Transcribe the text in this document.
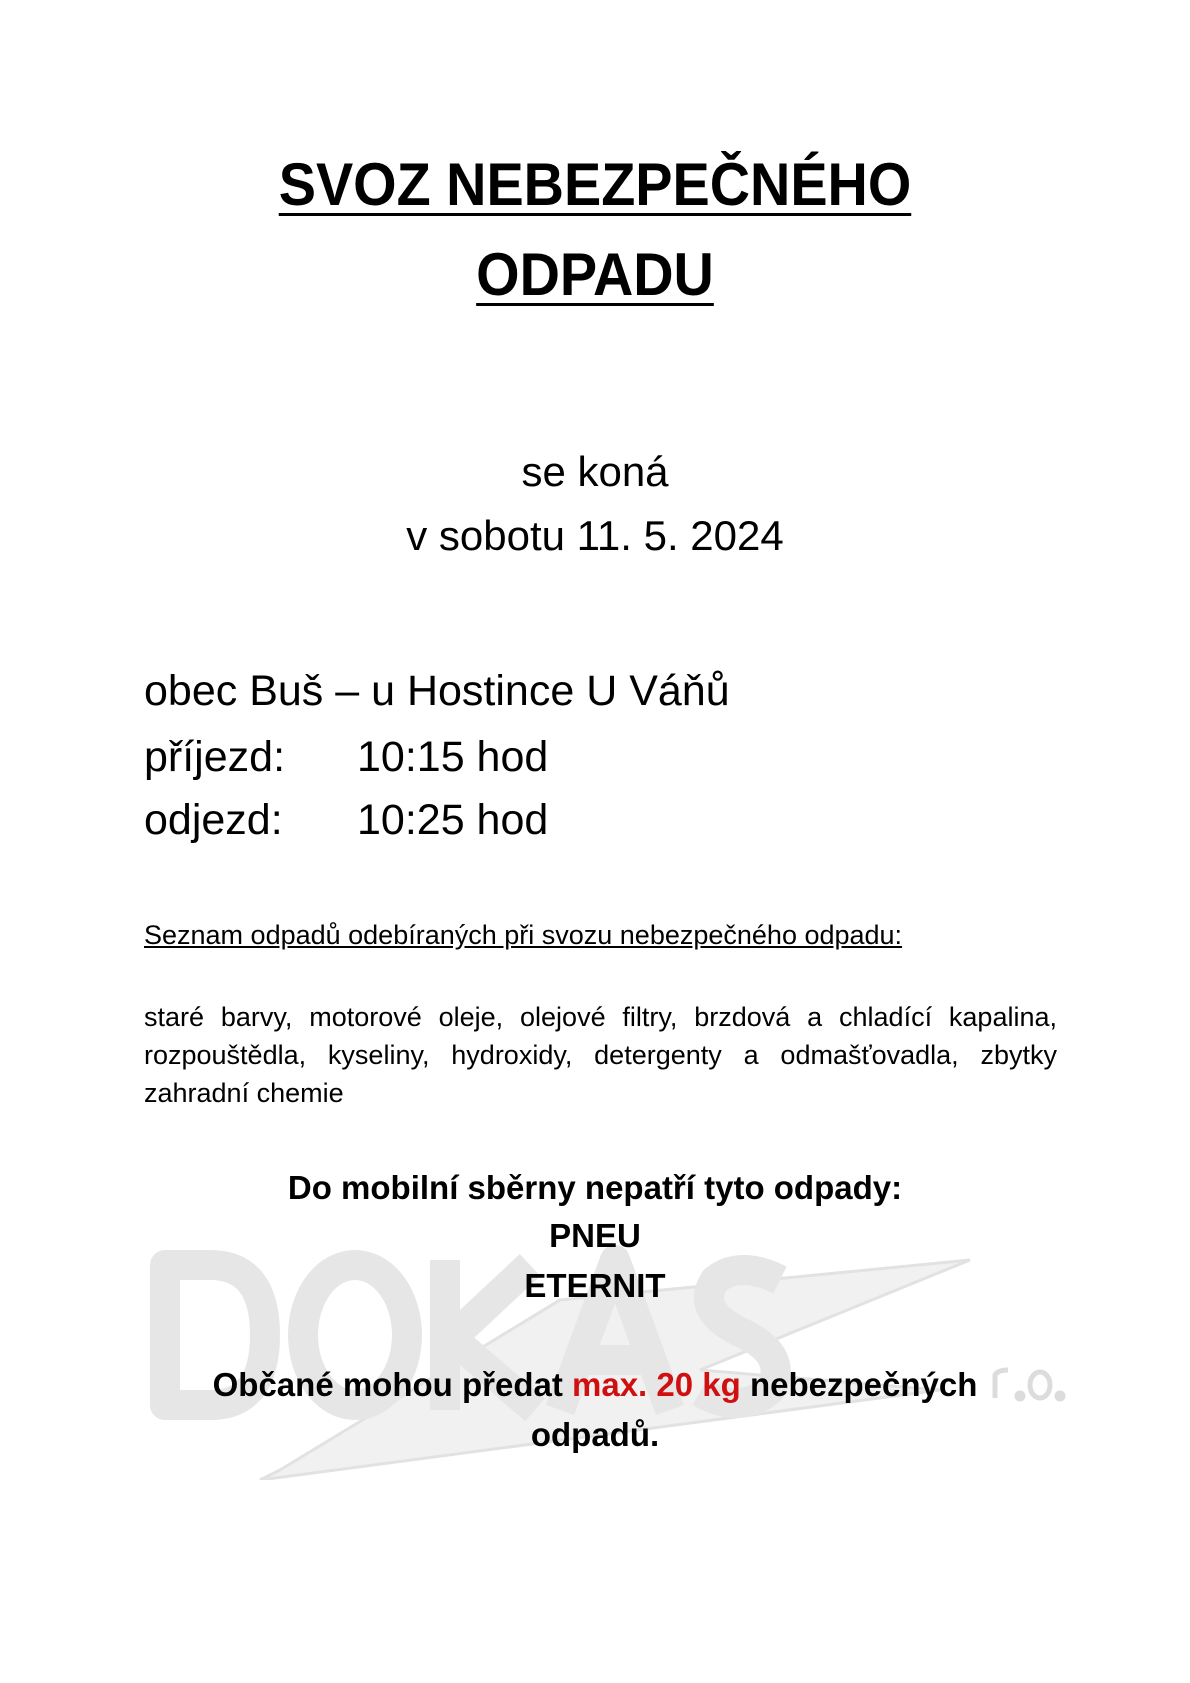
SVOZ NEBEZPEČNÉHO
ODPADU
se koná
v sobotu 11. 5. 2024
obec Buš – u Hostince U Váňů
příjezd: 10:15 hod
odjezd: 10:25 hod
Seznam odpadů odebíraných při svozu nebezpečného odpadu:
staré barvy, motorové oleje, olejové filtry, brzdová a chladící kapalina, rozpouštědla, kyseliny, hydroxidy, detergenty a odmašťovadla, zbytky zahradní chemie
Do mobilní sběrny nepatří tyto odpady:
PNEU
ETERNIT
Občané mohou předat max. 20 kg nebezpečných
odpadů.
